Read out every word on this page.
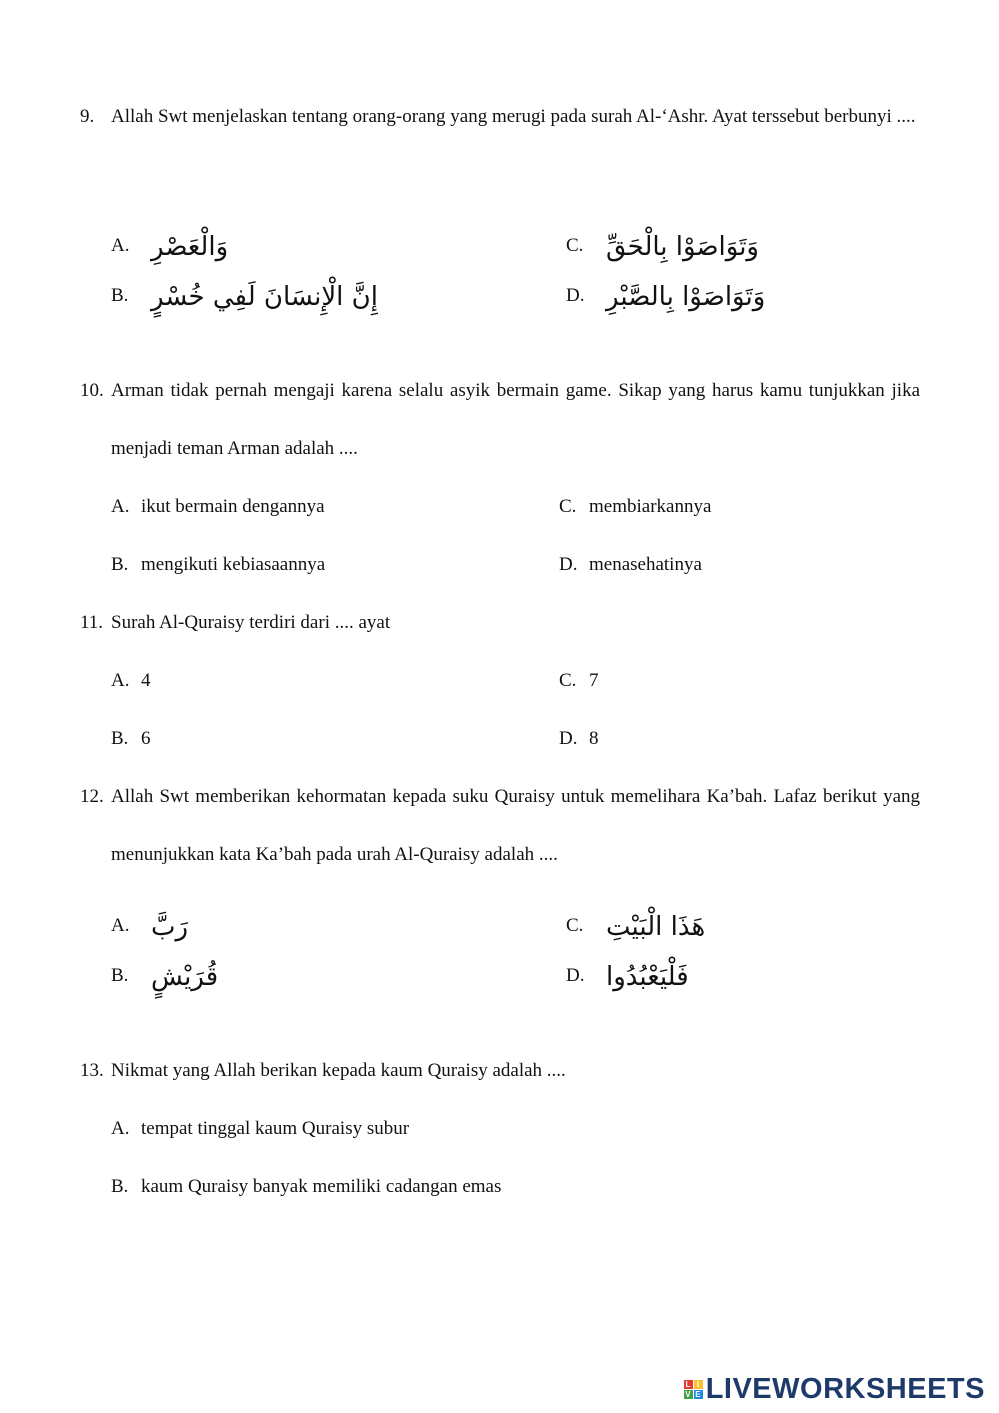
9. Allah Swt menjelaskan tentang orang-orang yang merugi pada surah Al-‘Ashr. Ayat terssebut berbunyi ....
A. وَالْعَصْرِ
B. إِنَّ الْإِنسَانَ لَفِي خُسْرٍ
C. وَتَوَاصَوْا بِالْحَقِّ
D. وَتَوَاصَوْا بِالصَّبْرِ
10. Arman tidak pernah mengaji karena selalu asyik bermain game. Sikap yang harus kamu tunjukkan jika menjadi teman Arman adalah ....
A. ikut bermain dengannya
B. mengikuti kebiasaannya
C. membiarkannya
D. menasehatinya
11. Surah Al-Quraisy terdiri dari .... ayat
A. 4
B. 6
C. 7
D. 8
12. Allah Swt memberikan kehormatan kepada suku Quraisy untuk memelihara Ka’bah. Lafaz berikut yang menunjukkan kata Ka’bah pada urah Al-Quraisy adalah ....
A. رَبَّ
B. قُرَيْشٍ
C. هَذَا الْبَيْتِ
D. فَلْيَعْبُدُوا
13. Nikmat yang Allah berikan kepada kaum Quraisy adalah ....
A. tempat tinggal kaum Quraisy subur
B. kaum Quraisy banyak memiliki cadangan emas
L I
V E LIVEWORKSHEETS
